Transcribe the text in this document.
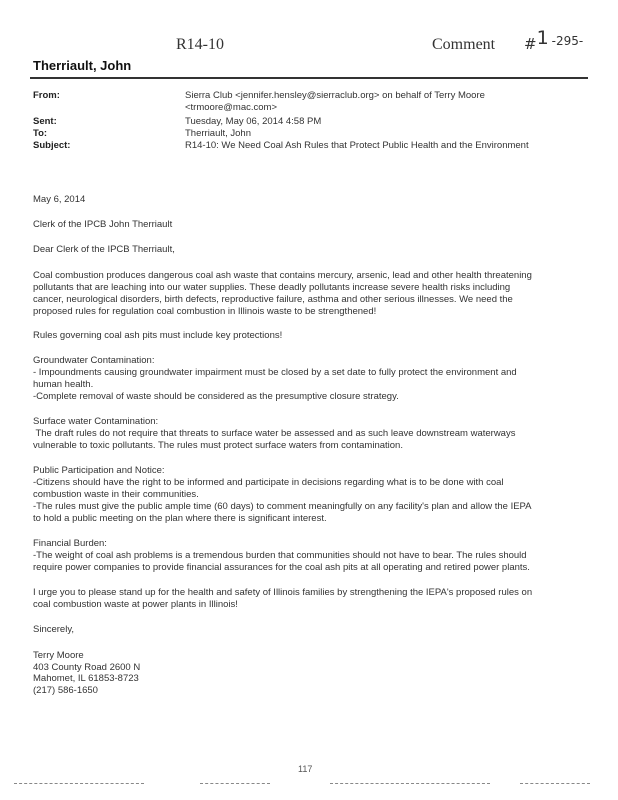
R14-10	Comment #1 $^{-295-}$
Therriault, John
From:	Sierra Club <jennifer.hensley@sierraclub.org> on behalf of Terry Moore
<trmoore@mac.com>
Sent:	Tuesday, May 06, 2014 4:58 PM
To:	Therriault, John
Subject:	R14-10: We Need Coal Ash Rules that Protect Public Health and the Environment

May 6, 2014

Clerk of the IPCB John Therriault

Dear Clerk of the IPCB Therriault,

Coal combustion produces dangerous coal ash waste that contains mercury, arsenic, lead and other health threatening

pollutants that are leaching into our water supplies. These deadly pollutants increase severe health risks including

cancer, neurological disorders, birth defects, reproductive failure, asthma and other serious illnesses. We need the

proposed rules for regulation coal combustion in Illinois waste to be strengthened!

Rules governing coal ash pits must include key protections!

Groundwater Contamination:

- Impoundments causing groundwater impairment must be closed by a set date to fully protect the environment and

human health.

-Complete removal of waste should be considered as the presumptive closure strategy.

Surface water Contamination:

The draft rules do not require that threats to surface water be assessed and as such leave downstream waterways

vulnerable to toxic pollutants. The rules must protect surface waters from contamination.

Public Participation and Notice:

-Citizens should have the right to be informed and participate in decisions regarding what is to be done with coal

combustion waste in their communities.

-The rules must give the public ample time (60 days) to comment meaningfully on any facility's plan and allow the IEPA

to hold a public meeting on the plan where there is significant interest.

Financial Burden:

-The weight of coal ash problems is a tremendous burden that communities should not have to bear. The rules should

require power companies to provide financial assurances for the coal ash pits at all operating and retired power plants.

I urge you to please stand up for the health and safety of Illinois families by strengthening the IEPA's proposed rules on

coal combustion waste at power plants in Illinois!

Sincerely,

Terry Moore

403 County Road 2600 N

Mahomet, IL 61853-8723

(217) 586-1650

117
